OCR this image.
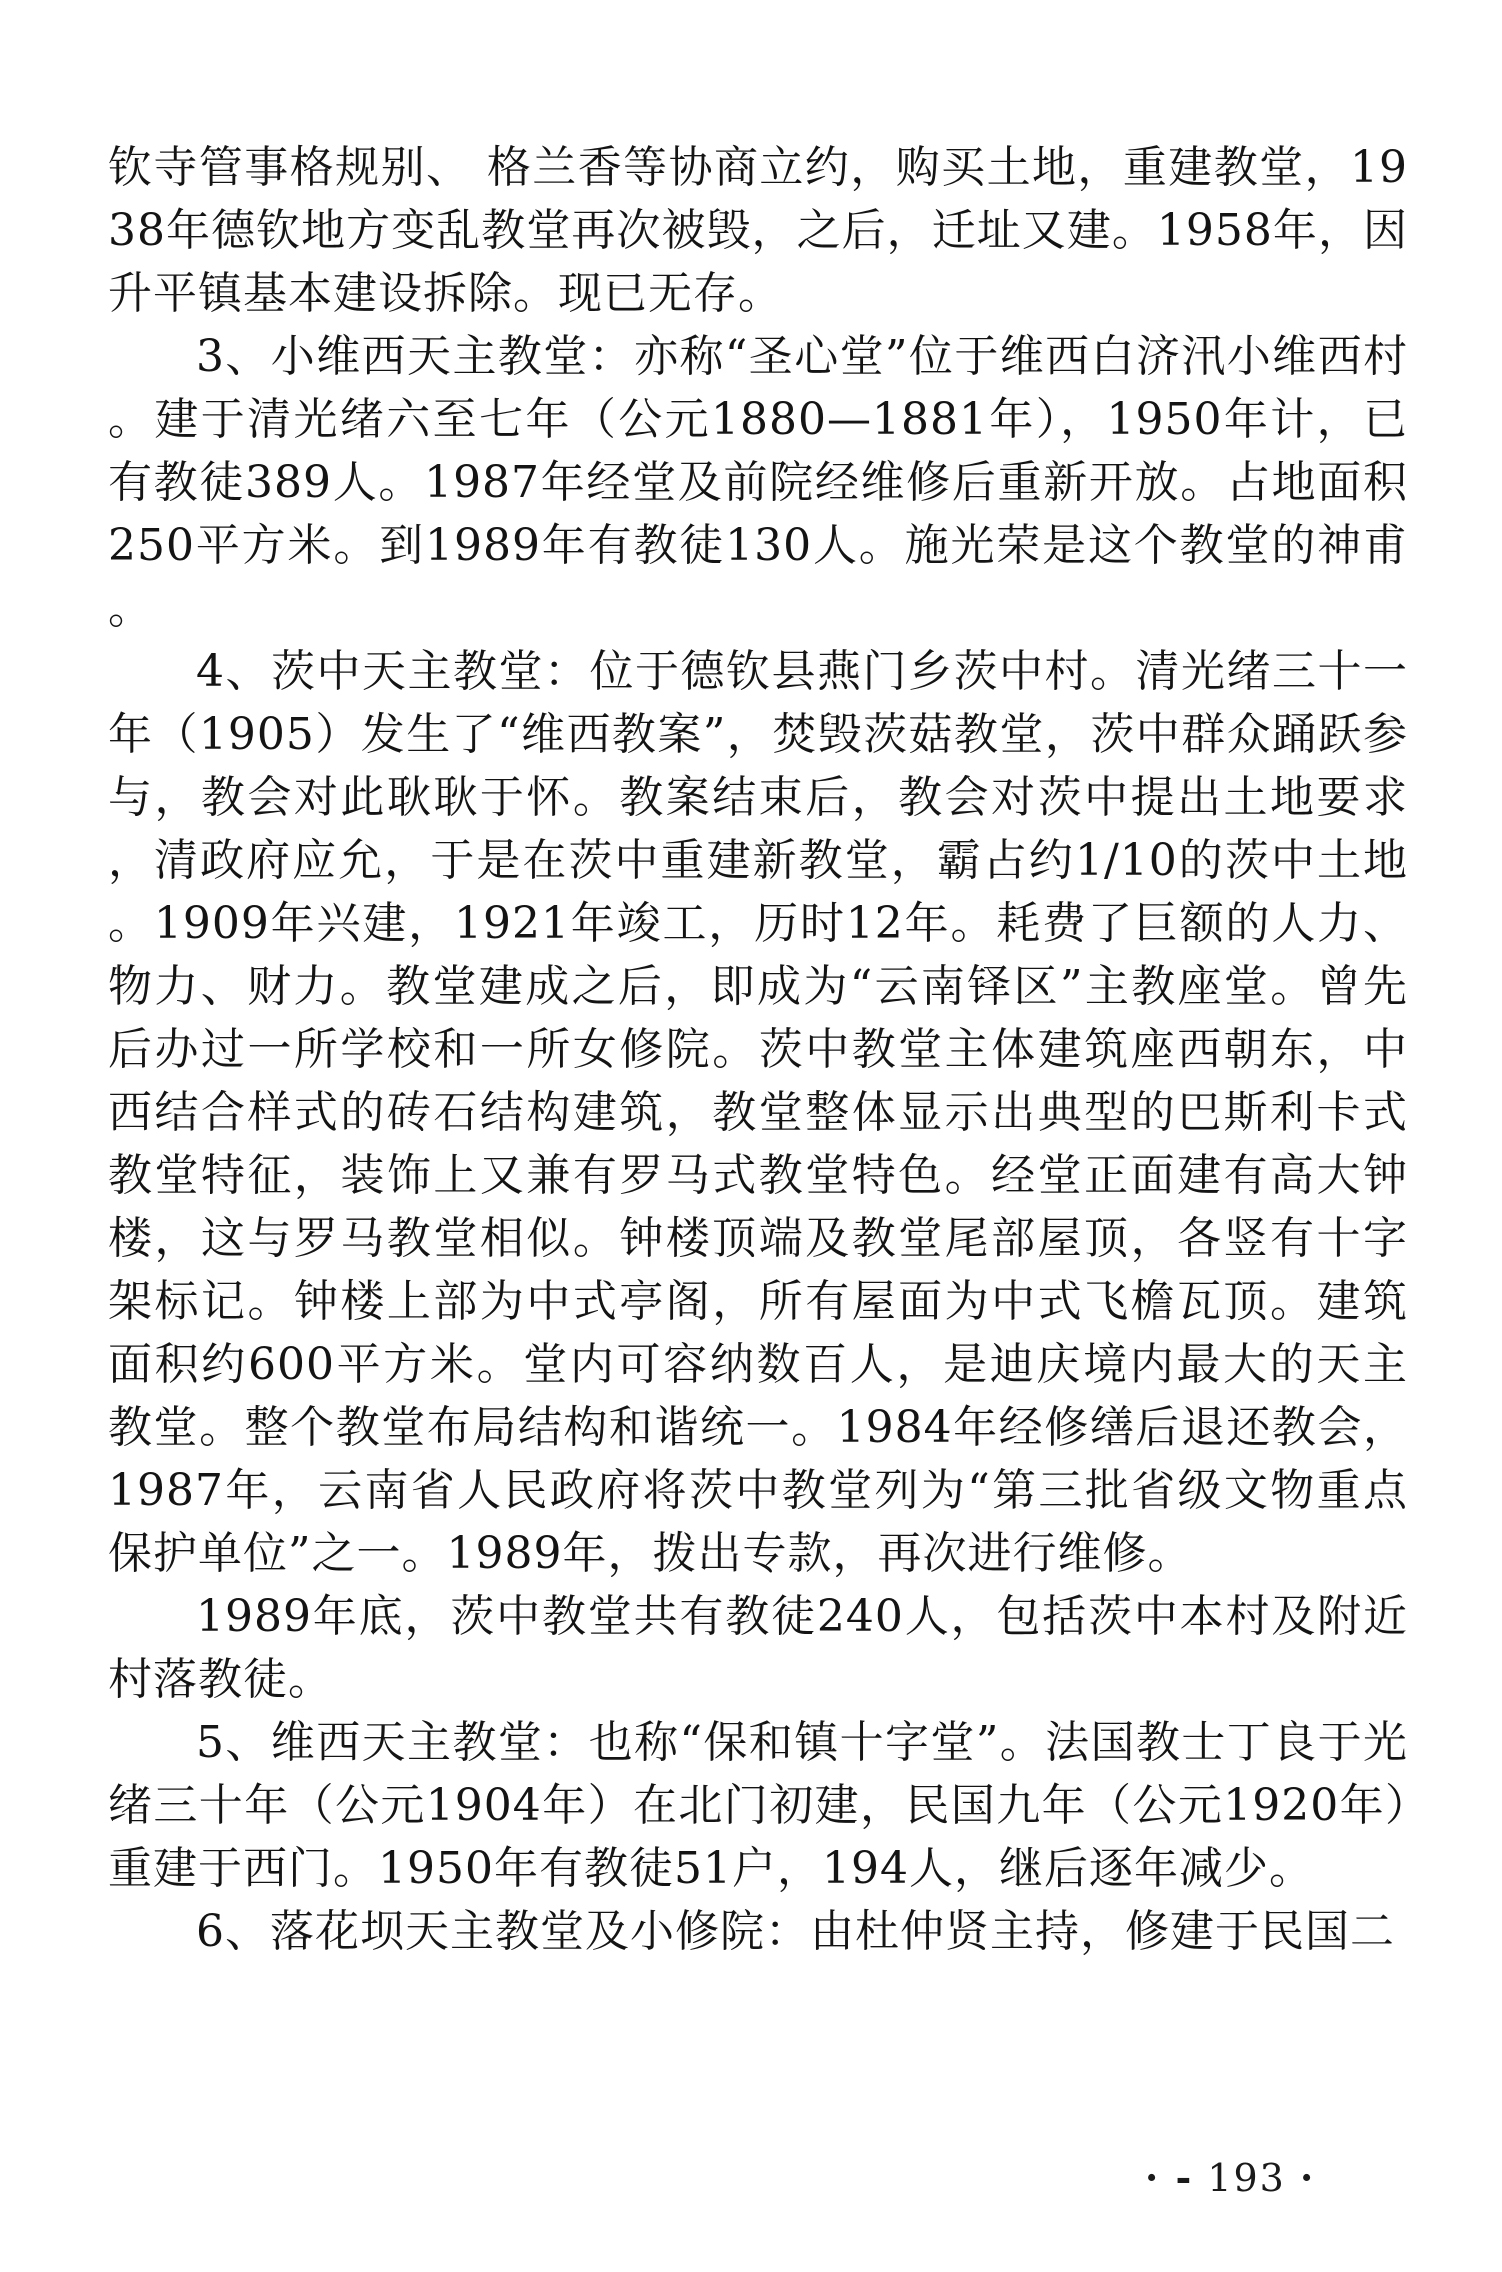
钦寺管事格规别、 格兰香等协商立约，购买土地，重建教堂，1938年德钦地方变乱教堂再次被毁，之后，迁址又建。1958年，因升平镇基本建设拆除。现已无存。

3、小维西天主教堂：亦称“圣心堂”位于维西白济汛小维西村。建于清光绪六至七年（公元1880—1881年），1950年计，已有教徒389人。1987年经堂及前院经维修后重新开放。占地面积250平方米。到1989年有教徒130人。施光荣是这个教堂的神甫。

4、茨中天主教堂：位于德钦县燕门乡茨中村。清光绪三十一年（1905）发生了“维西教案”，焚毁茨菇教堂，茨中群众踊跃参与，教会对此耿耿于怀。教案结束后，教会对茨中提出土地要求，清政府应允，于是在茨中重建新教堂，霸占约1/10的茨中土地。1909年兴建，1921年竣工，历时12年。耗费了巨额的人力、物力、财力。教堂建成之后，即成为“云南铎区”主教座堂。曾先后办过一所学校和一所女修院。茨中教堂主体建筑座西朝东，中西结合样式的砖石结构建筑，教堂整体显示出典型的巴斯利卡式教堂特征，装饰上又兼有罗马式教堂特色。经堂正面建有高大钟楼，这与罗马教堂相似。钟楼顶端及教堂尾部屋顶，各竖有十字架标记。钟楼上部为中式亭阁，所有屋面为中式飞檐瓦顶。建筑面积约600平方米。堂内可容纳数百人，是迪庆境内最大的天主教堂。整个教堂布局结构和谐统一。1984年经修缮后退还教会，1987年，云南省人民政府将茨中教堂列为“第三批省级文物重点保护单位”之一。1989年，拨出专款，再次进行维修。

1989年底，茨中教堂共有教徒240人，包括茨中本村及附近村落教徒。

5、维西天主教堂：也称“保和镇十字堂”。法国教士丁良于光绪三十年（公元1904年）在北门初建，民国九年（公元1920年）重建于西门。1950年有教徒51户，194人，继后逐年减少。

6、落花坝天主教堂及小修院：由杜仲贤主持，修建于民国二

· - 193 ·
